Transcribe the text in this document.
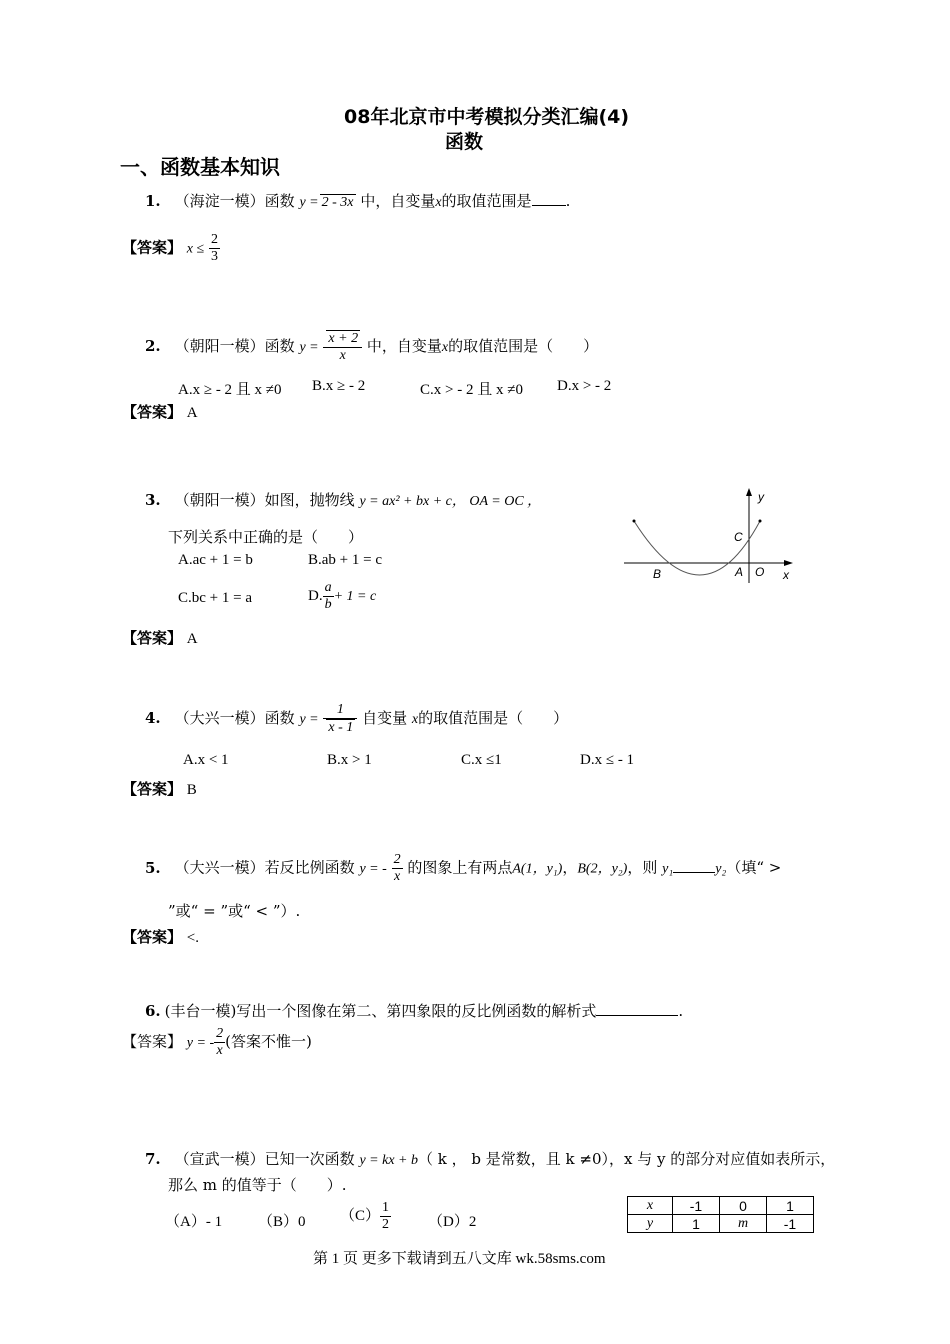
08年北京市中考模拟分类汇编(4)
函数
一、函数基本知识
1. （海淀一模）函数 y = 2 - 3x 中，自变量x的取值范围是 .
【答案】 $x \le \frac{2}{3}$
2. （朝阳一模）函数 $y = \frac{x + 2}{x}$ 中，自变量x的取值范围是（　　）
A.x ≥ - 2 且 x ≠0 B.x ≥ - 2	C.x > - 2 且 x ≠0 D.x > - 2
【答案】 A
3. （朝阳一模）如图，抛物线 y = ax² + bx + c， OA = OC ，
下列关系中正确的是（　　）
A.ac + 1 = b	B.ab + 1 = c
C.bc + 1 = a	D. $\frac{a}{b} + 1 = c$
y
C
B	A O x
【答案】 A
4. （大兴一模）函数 $y = \frac{1}{x - 1}$ 自变量 x的取值范围是（　　）
A.x < 1	B.x > 1	C.x ≤1	D.x ≤ - 1
【答案】 B
5. （大兴一模）若反比例函数 y = - $\frac{2}{x}$ 的图象上有两点A(1，y₁)，B(2，y₂)，则 y₁	y₂（填“ >
”或“ = ”或“ < ”）.
【答案】 <.
6. (丰台一模)写出一个图像在第二、第四象限的反比例函数的解析式	.
【答案】 y = - $\frac{2}{x}$ (答案不惟一)
7. （宣武一模）已知一次函数 y = kx + b（ k ， b 是常数，且 k ≠0），x 与 y 的部分对应值如表所示，
那么 m 的值等于（　　）.
（A）- 1 （B）0 $(C) \frac{1}{2} (D)2$
x	-1	0	1
y	1	m	-1
第 1 页 更多下载请到五八文库 wk.58sms.com
